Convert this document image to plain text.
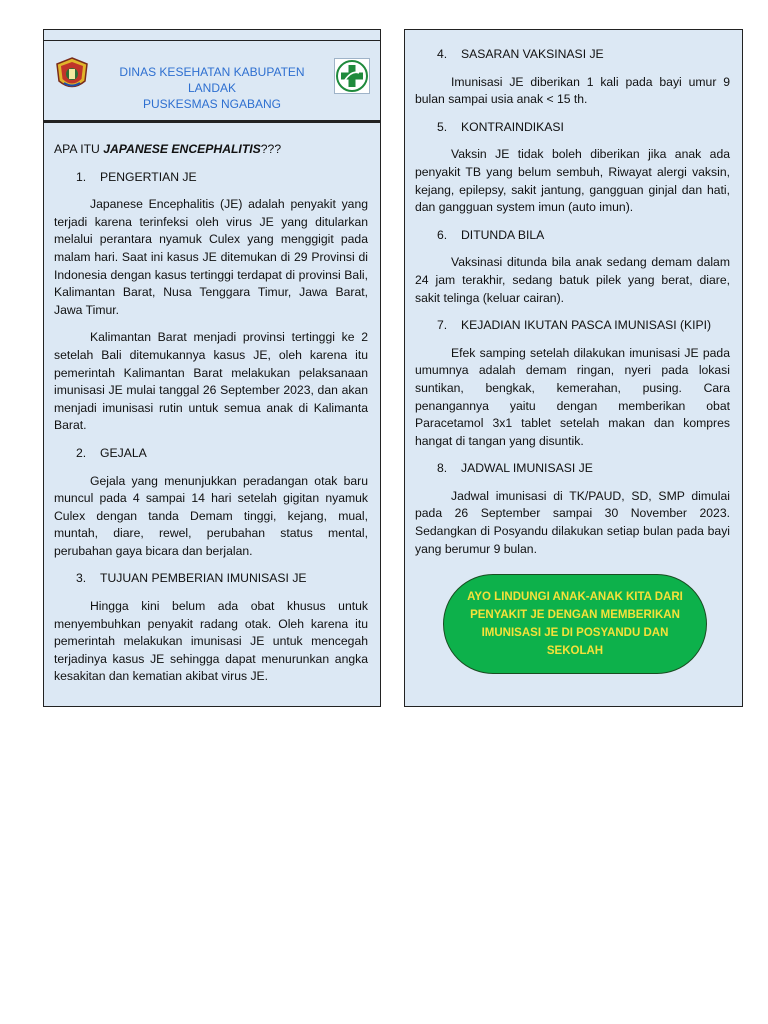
DINAS KESEHATAN KABUPATEN LANDAK
PUSKESMAS NGABANG

APA ITU JAPANESE ENCEPHALITIS???

1. PENGERTIAN JE

Japanese Encephalitis (JE) adalah penyakit yang terjadi karena terinfeksi oleh virus JE yang ditularkan melalui perantara nyamuk Culex yang menggigit pada malam hari. Saat ini kasus JE ditemukan di 29 Provinsi di Indonesia dengan kasus tertinggi terdapat di provinsi Bali, Kalimantan Barat, Nusa Tenggara Timur, Jawa Barat, Jawa Timur.

Kalimantan Barat menjadi provinsi tertinggi ke 2 setelah Bali ditemukannya kasus JE, oleh karena itu pemerintah Kalimantan Barat melakukan pelaksanaan imunisasi JE mulai tanggal 26 September 2023, dan akan menjadi imunisasi rutin untuk semua anak di Kalimanta Barat.

2. GEJALA

Gejala yang menunjukkan peradangan otak baru muncul pada 4 sampai 14 hari setelah gigitan nyamuk Culex dengan tanda Demam tinggi, kejang, mual, muntah, diare, rewel, perubahan status mental, perubahan gaya bicara dan berjalan.

3. TUJUAN PEMBERIAN IMUNISASI JE

Hingga kini belum ada obat khusus untuk menyembuhkan penyakit radang otak. Oleh karena itu pemerintah melakukan imunisasi JE untuk mencegah terjadinya kasus JE sehingga dapat menurunkan angka kesakitan dan kematian akibat virus JE.

4. SASARAN VAKSINASI JE

Imunisasi JE diberikan 1 kali pada bayi umur 9 bulan sampai usia anak < 15 th.

5. KONTRAINDIKASI

Vaksin JE tidak boleh diberikan jika anak ada penyakit TB yang belum sembuh, Riwayat alergi vaksin, kejang, epilepsy, sakit jantung, gangguan ginjal dan hati, dan gangguan system imun (auto imun).

6. DITUNDA BILA

Vaksinasi ditunda bila anak sedang demam dalam 24 jam terakhir, sedang batuk pilek yang berat, diare, sakit telinga (keluar cairan).

7. KEJADIAN IKUTAN PASCA IMUNISASI (KIPI)

Efek samping setelah dilakukan imunisasi JE pada umumnya adalah demam ringan, nyeri pada lokasi suntikan, bengkak, kemerahan, pusing. Cara penangannya yaitu dengan memberikan obat Paracetamol 3x1 tablet setelah makan dan kompres hangat di tangan yang disuntik.

8. JADWAL IMUNISASI JE

Jadwal imunisasi di TK/PAUD, SD, SMP dimulai pada 26 September sampai 30 November 2023. Sedangkan di Posyandu dilakukan setiap bulan pada bayi yang berumur 9 bulan.

AYO LINDUNGI ANAK-ANAK KITA DARI PENYAKIT JE DENGAN MEMBERIKAN IMUNISASI JE DI POSYANDU DAN SEKOLAH
